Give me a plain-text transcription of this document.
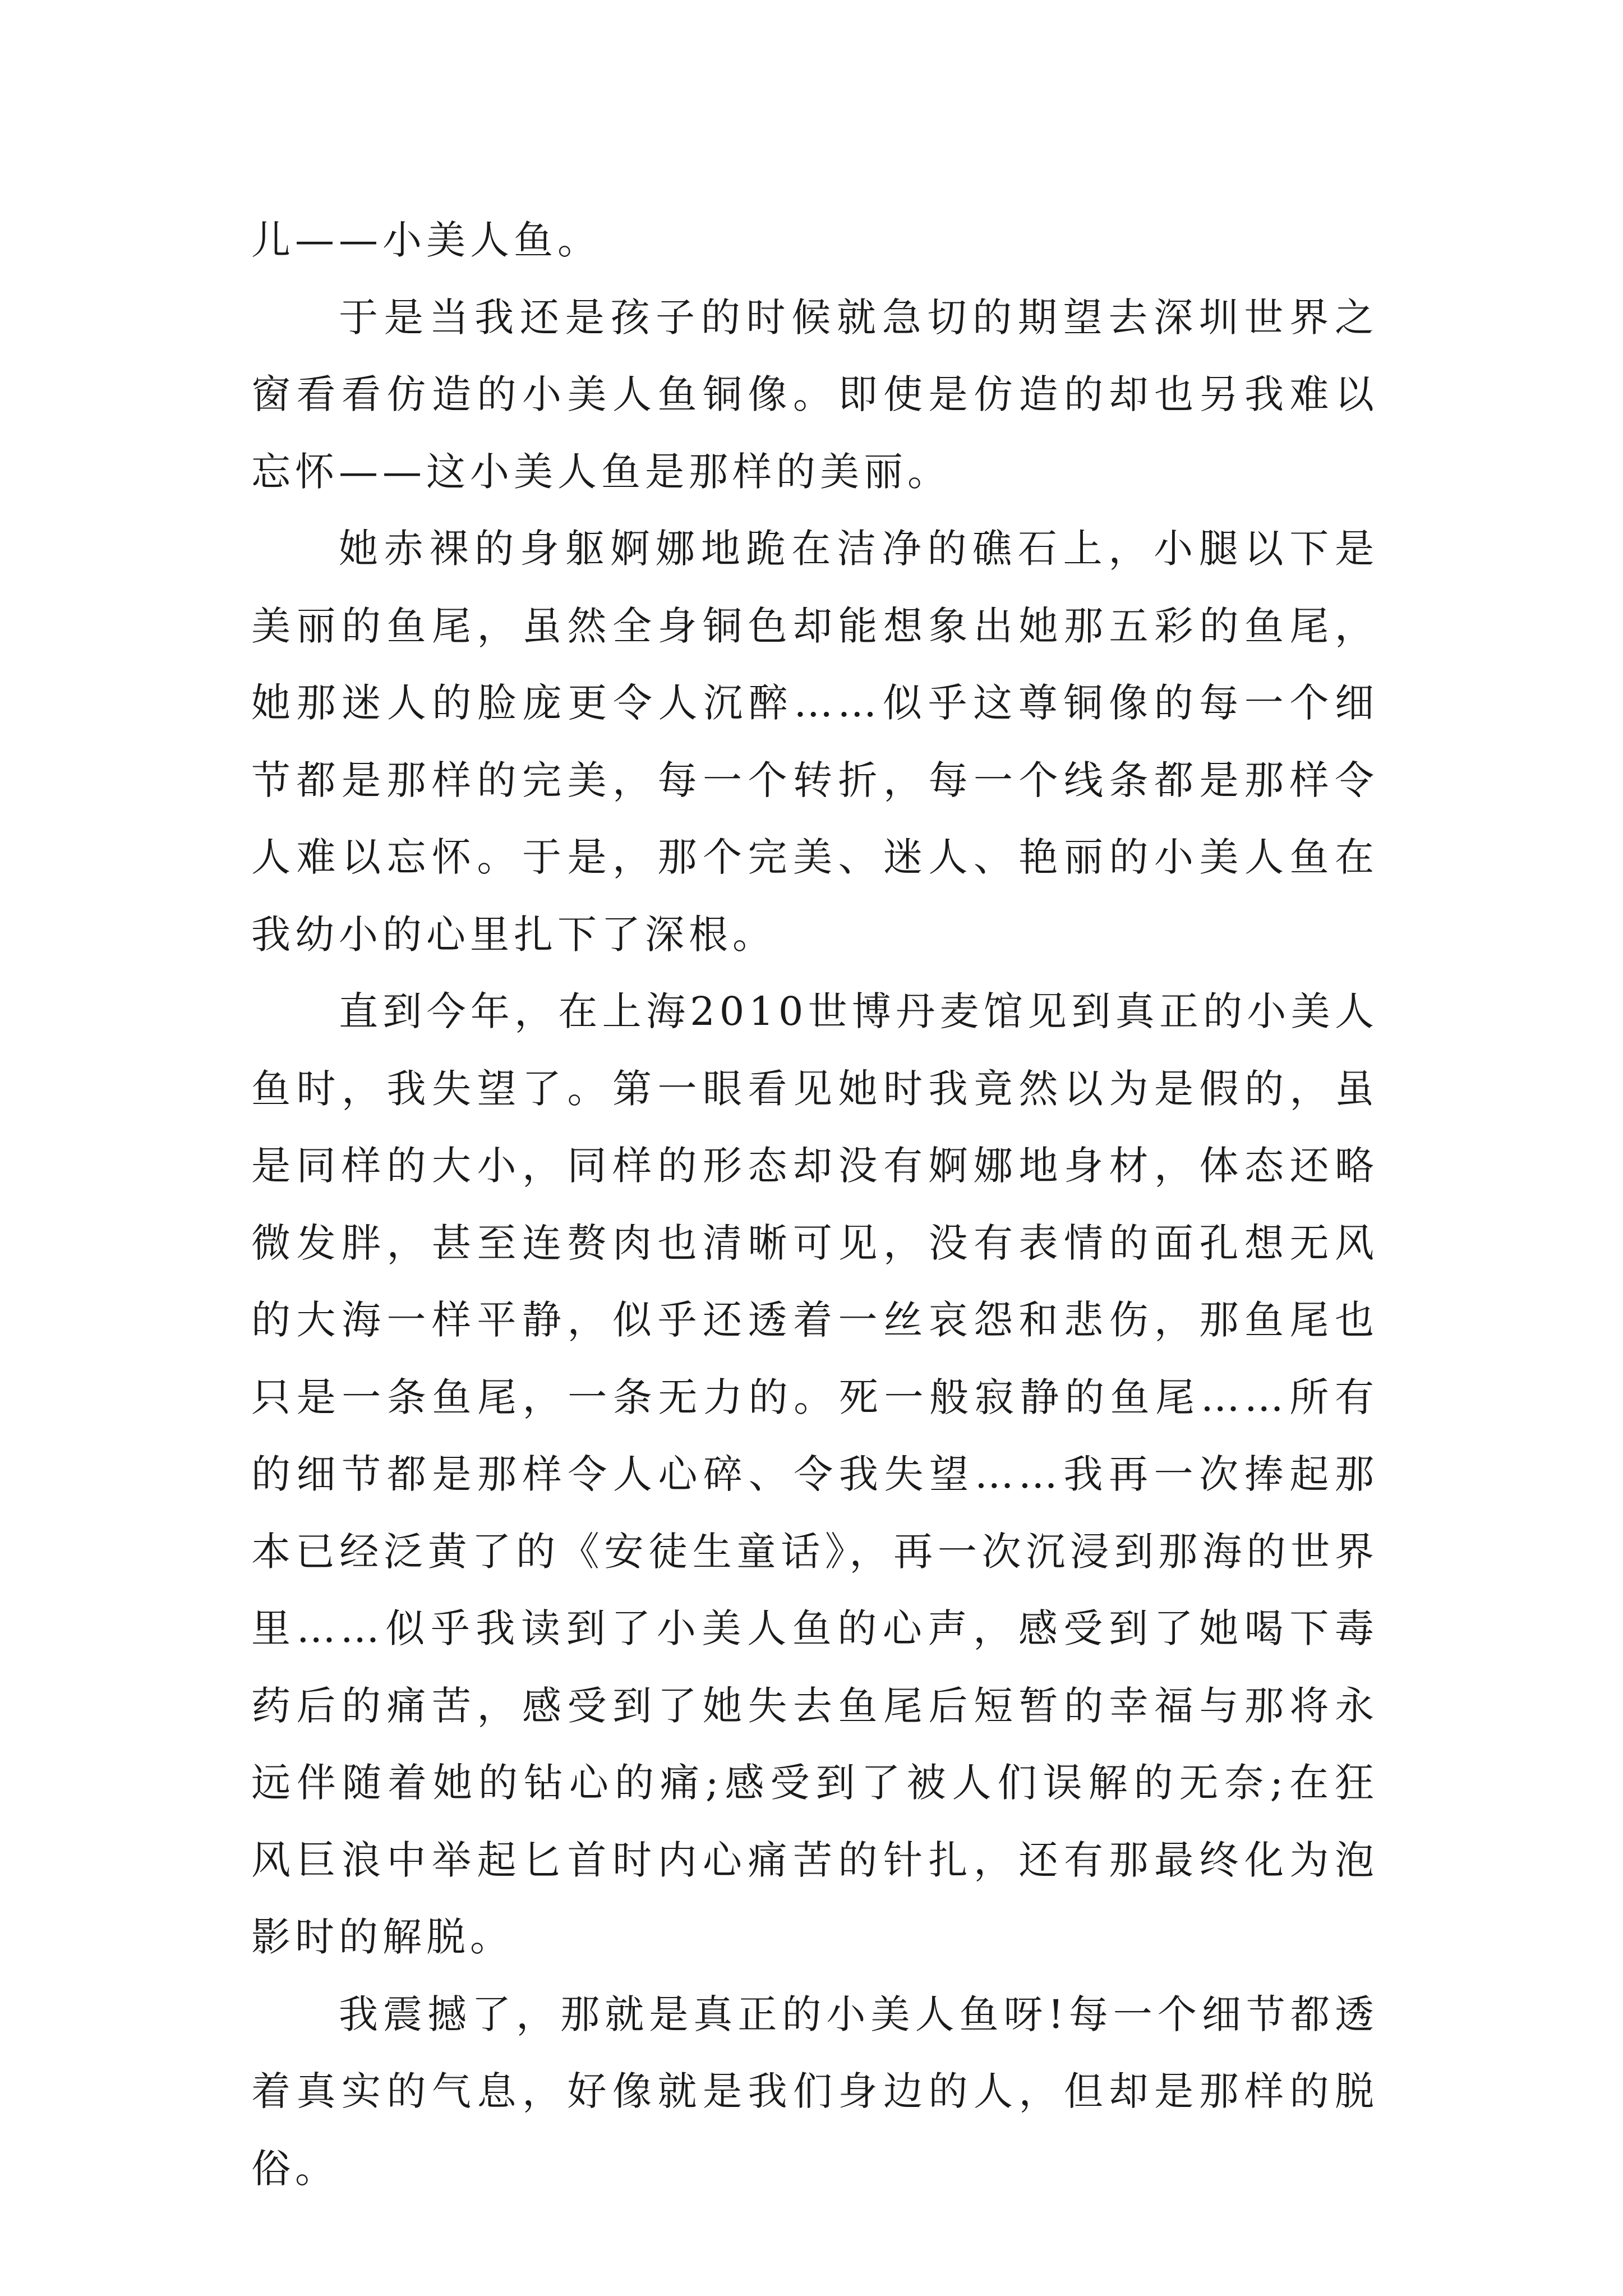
儿——小美人鱼。

于是当我还是孩子的时候就急切的期望去深圳世界之窗看看仿造的小美人鱼铜像。即使是仿造的却也另我难以忘怀——这小美人鱼是那样的美丽。

她赤裸的身躯婀娜地跪在洁净的礁石上，小腿以下是美丽的鱼尾，虽然全身铜色却能想象出她那五彩的鱼尾，她那迷人的脸庞更令人沉醉……似乎这尊铜像的每一个细节都是那样的完美，每一个转折，每一个线条都是那样令人难以忘怀。于是，那个完美、迷人、艳丽的小美人鱼在我幼小的心里扎下了深根。

直到今年，在上海2010世博丹麦馆见到真正的小美人鱼时，我失望了。第一眼看见她时我竟然以为是假的，虽是同样的大小，同样的形态却没有婀娜地身材，体态还略微发胖，甚至连赘肉也清晰可见，没有表情的面孔想无风的大海一样平静，似乎还透着一丝哀怨和悲伤，那鱼尾也只是一条鱼尾，一条无力的。死一般寂静的鱼尾……所有的细节都是那样令人心碎、令我失望……我再一次捧起那本已经泛黄了的《安徒生童话》，再一次沉浸到那海的世界里……似乎我读到了小美人鱼的心声，感受到了她喝下毒药后的痛苦，感受到了她失去鱼尾后短暂的幸福与那将永远伴随着她的钻心的痛;感受到了被人们误解的无奈;在狂风巨浪中举起匕首时内心痛苦的针扎，还有那最终化为泡影时的解脱。

我震撼了，那就是真正的小美人鱼呀!每一个细节都透着真实的气息，好像就是我们身边的人，但却是那样的脱俗。
